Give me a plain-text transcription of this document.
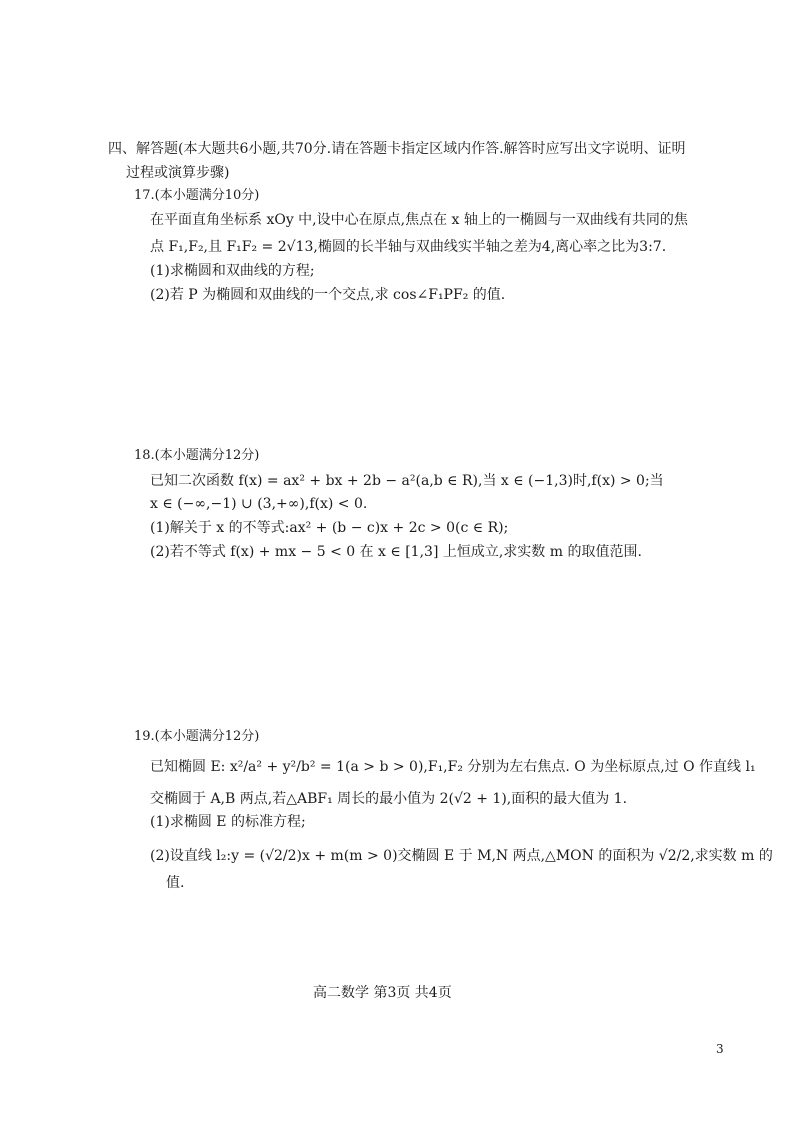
四、解答题(本大题共6小题,共70分.请在答题卡指定区域内作答.解答时应写出文字说明、证明
过程或演算步骤)
17.(本小题满分10分)
在平面直角坐标系 xOy 中,设中心在原点,焦点在 x 轴上的一椭圆与一双曲线有共同的焦
点 F₁,F₂,且 F₁F₂ = 2√13,椭圆的长半轴与双曲线实半轴之差为4,离心率之比为3:7.
(1)求椭圆和双曲线的方程;
(2)若 P 为椭圆和双曲线的一个交点,求 cos∠F₁PF₂ 的值.
18.(本小题满分12分)
已知二次函数 f(x) = ax² + bx + 2b − a²(a,b ∈ R),当 x ∈ (−1,3)时,f(x) > 0;当
x ∈ (−∞,−1) ∪ (3,+∞),f(x) < 0.
(1)解关于 x 的不等式:ax² + (b − c)x + 2c > 0(c ∈ R);
(2)若不等式 f(x) + mx − 5 < 0 在 x ∈ [1,3] 上恒成立,求实数 m 的取值范围.
19.(本小题满分12分)
已知椭圆 E: x²/a² + y²/b² = 1(a > b > 0),F₁,F₂ 分别为左右焦点. O 为坐标原点,过 O 作直线 l₁
交椭圆于 A,B 两点,若△ABF₁ 周长的最小值为 2(√2 + 1),面积的最大值为 1.
(1)求椭圆 E 的标准方程;
(2)设直线 l₂:y = (√2/2)x + m(m > 0)交椭圆 E 于 M,N 两点,△MON 的面积为 √2/2,求实数 m 的
值.
高二数学 第3页 共4页
3
